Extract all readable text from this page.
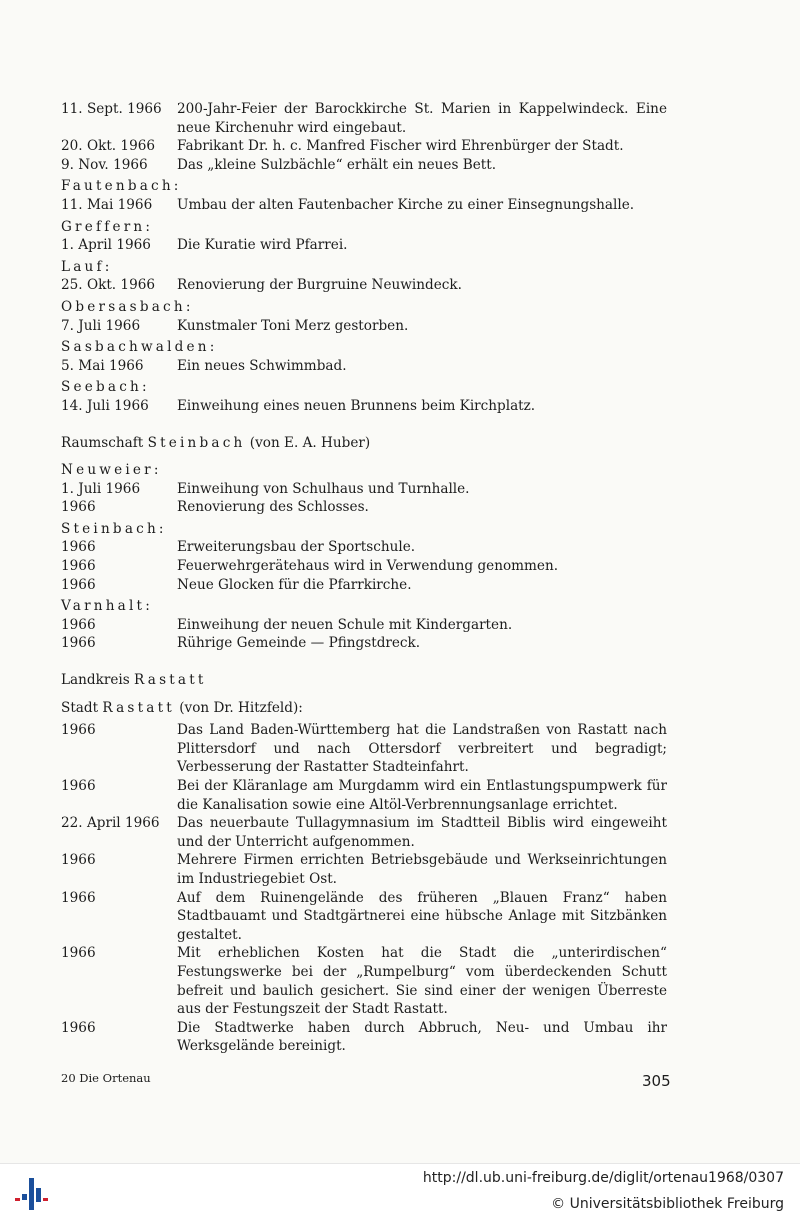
11. Sept. 1966	200-Jahr-Feier der Barockkirche St. Marien in Kappelwindeck. Eine neue Kirchenuhr wird eingebaut.
20. Okt. 1966	Fabrikant Dr. h. c. Manfred Fischer wird Ehrenbürger der Stadt.
9. Nov. 1966	Das „kleine Sulzbächle“ erhält ein neues Bett.
Fautenbach:
11. Mai 1966	Umbau der alten Fautenbacher Kirche zu einer Einsegnungshalle.
Greffern:
1. April 1966	Die Kuratie wird Pfarrei.
Lauf:
25. Okt. 1966	Renovierung der Burgruine Neuwindeck.
Obersasbach:
7. Juli 1966	Kunstmaler Toni Merz gestorben.
Sasbachwalden:
5. Mai 1966	Ein neues Schwimmbad.
Seebach:
14. Juli 1966	Einweihung eines neuen Brunnens beim Kirchplatz.
Raumschaft Steinbach (von E. A. Huber)
Neuweier:
1. Juli 1966	Einweihung von Schulhaus und Turnhalle.
1966	Renovierung des Schlosses.
Steinbach:
1966	Erweiterungsbau der Sportschule.
1966	Feuerwehrgerätehaus wird in Verwendung genommen.
1966	Neue Glocken für die Pfarrkirche.
Varnhalt:
1966	Einweihung der neuen Schule mit Kindergarten.
1966	Rührige Gemeinde — Pfingstdreck.
Landkreis Rastatt
Stadt Rastatt (von Dr. Hitzfeld):
1966	Das Land Baden-Württemberg hat die Landstraßen von Rastatt nach Plittersdorf und nach Ottersdorf verbreitert und begradigt; Verbesserung der Rastatter Stadteinfahrt.
1966	Bei der Kläranlage am Murgdamm wird ein Entlastungspumpwerk für die Kanalisation sowie eine Altöl-Verbrennungsanlage errichtet.
22. April 1966	Das neuerbaute Tullagymnasium im Stadtteil Biblis wird eingeweiht und der Unterricht aufgenommen.
1966	Mehrere Firmen errichten Betriebsgebäude und Werkseinrichtungen im Industriegebiet Ost.
1966	Auf dem Ruinengelände des früheren „Blauen Franz“ haben Stadtbauamt und Stadtgärtnerei eine hübsche Anlage mit Sitzbänken gestaltet.
1966	Mit erheblichen Kosten hat die Stadt die „unterirdischen“ Festungswerke bei der „Rumpelburg“ vom überdeckenden Schutt befreit und baulich gesichert. Sie sind einer der wenigen Überreste aus der Festungszeit der Stadt Rastatt.
1966	Die Stadtwerke haben durch Abbruch, Neu- und Umbau ihr Werksgelände bereinigt.
20 Die Ortenau	305
http://dl.ub.uni-freiburg.de/diglit/ortenau1968/0307
© Universitätsbibliothek Freiburg
